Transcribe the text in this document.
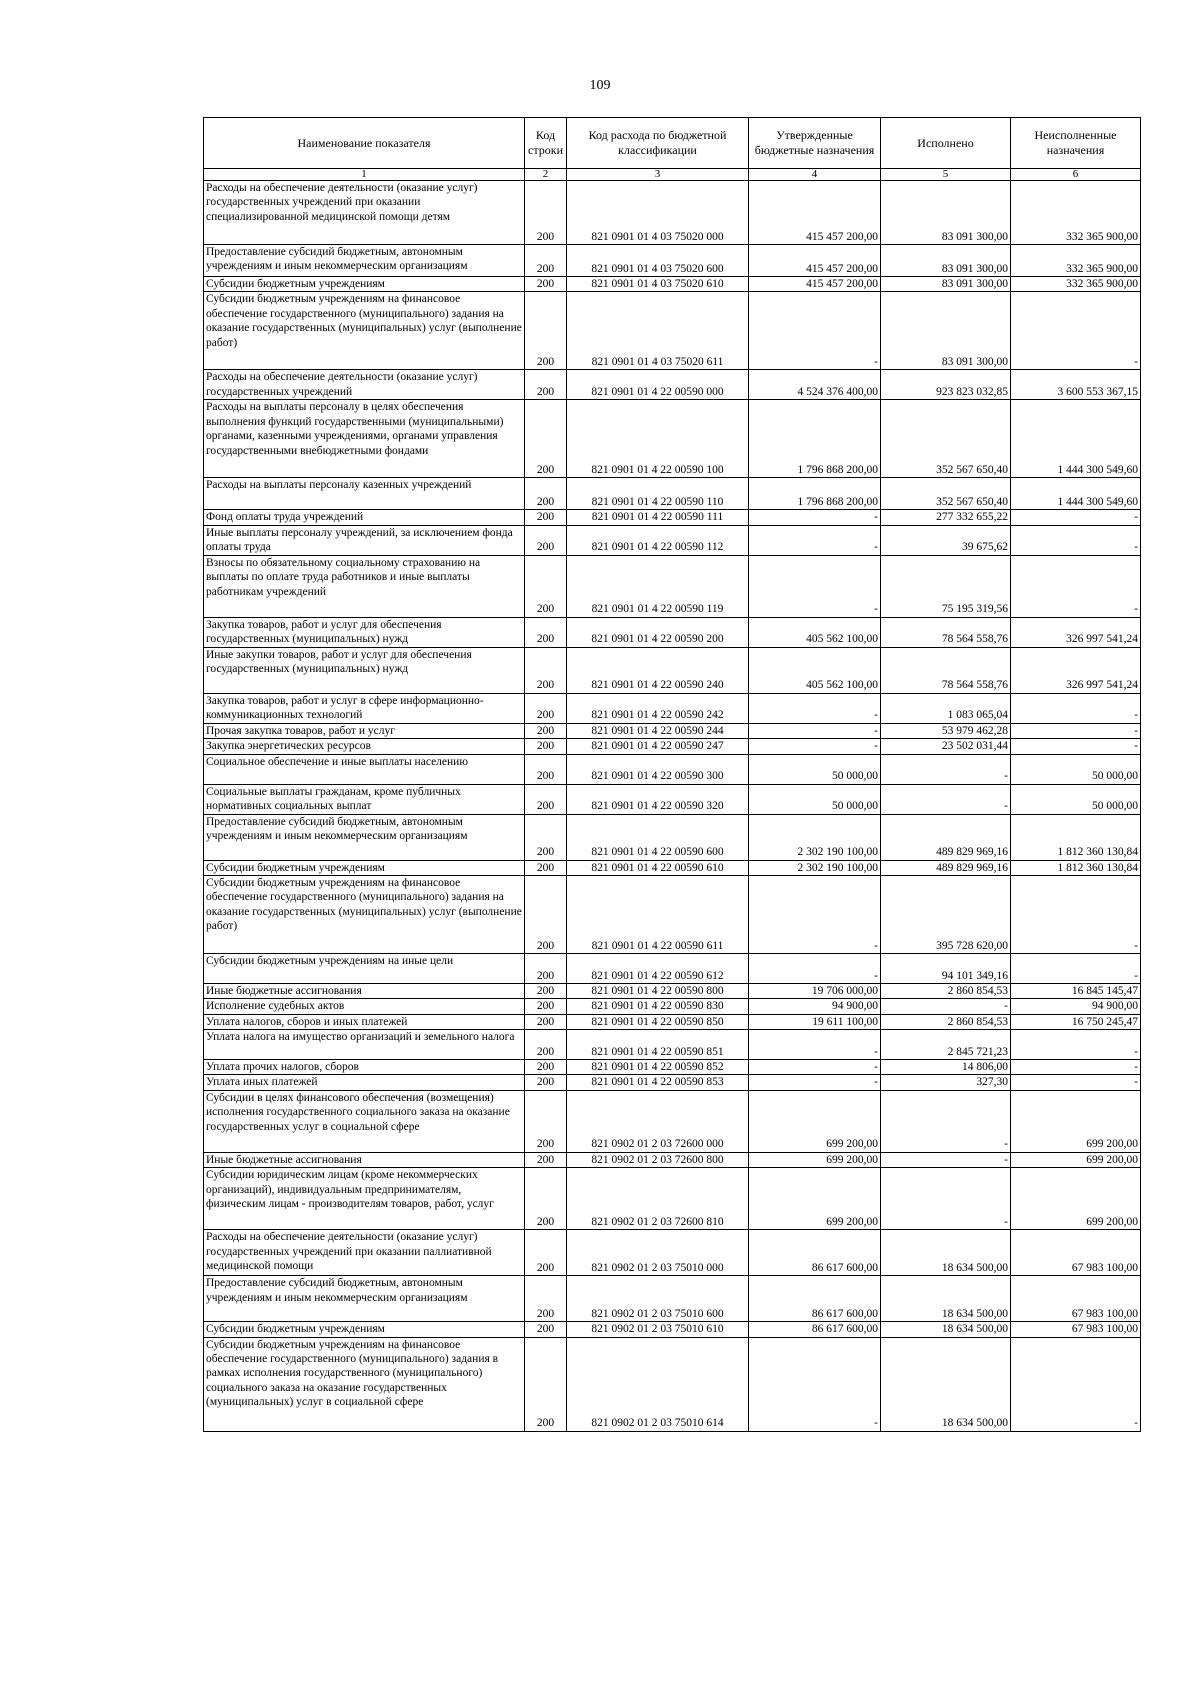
109
Наименование показателя	Код строки	Код расхода по бюджетной классификации	Утвержденные бюджетные назначения	Исполнено	Неисполненные назначения
1	2	3	4	5	6
Расходы на обеспечение деятельности (оказание услуг) государственных учреждений при оказании специализированной медицинской помощи детям	200	821 0901 01 4 03 75020 000	415 457 200,00	83 091 300,00	332 365 900,00
Предоставление субсидий бюджетным, автономным учреждениям и иным некоммерческим организациям	200	821 0901 01 4 03 75020 600	415 457 200,00	83 091 300,00	332 365 900,00
Субсидии бюджетным учреждениям	200	821 0901 01 4 03 75020 610	415 457 200,00	83 091 300,00	332 365 900,00
Субсидии бюджетным учреждениям на финансовое обеспечение государственного (муниципального) задания на оказание государственных (муниципальных) услуг (выполнение работ)	200	821 0901 01 4 03 75020 611	-	83 091 300,00	-
Расходы на обеспечение деятельности (оказание услуг) государственных учреждений	200	821 0901 01 4 22 00590 000	4 524 376 400,00	923 823 032,85	3 600 553 367,15
Расходы на выплаты персоналу в целях обеспечения выполнения функций государственными (муниципальными) органами, казенными учреждениями, органами управления государственными внебюджетными фондами	200	821 0901 01 4 22 00590 100	1 796 868 200,00	352 567 650,40	1 444 300 549,60
Расходы на выплаты персоналу казенных учреждений	200	821 0901 01 4 22 00590 110	1 796 868 200,00	352 567 650,40	1 444 300 549,60
Фонд оплаты труда учреждений	200	821 0901 01 4 22 00590 111	-	277 332 655,22	-
Иные выплаты персоналу учреждений, за исключением фонда оплаты труда	200	821 0901 01 4 22 00590 112	-	39 675,62	-
Взносы по обязательному социальному страхованию на выплаты по оплате труда работников и иные выплаты работникам учреждений	200	821 0901 01 4 22 00590 119	-	75 195 319,56	-
Закупка товаров, работ и услуг для обеспечения государственных (муниципальных) нужд	200	821 0901 01 4 22 00590 200	405 562 100,00	78 564 558,76	326 997 541,24
Иные закупки товаров, работ и услуг для обеспечения государственных (муниципальных) нужд	200	821 0901 01 4 22 00590 240	405 562 100,00	78 564 558,76	326 997 541,24
Закупка товаров, работ и услуг в сфере информационно-коммуникационных технологий	200	821 0901 01 4 22 00590 242	-	1 083 065,04	-
Прочая закупка товаров, работ и услуг	200	821 0901 01 4 22 00590 244	-	53 979 462,28	-
Закупка энергетических ресурсов	200	821 0901 01 4 22 00590 247	-	23 502 031,44	-
Социальное обеспечение и иные выплаты населению	200	821 0901 01 4 22 00590 300	50 000,00	-	50 000,00
Социальные выплаты гражданам, кроме публичных нормативных социальных выплат	200	821 0901 01 4 22 00590 320	50 000,00	-	50 000,00
Предоставление субсидий бюджетным, автономным учреждениям и иным некоммерческим организациям	200	821 0901 01 4 22 00590 600	2 302 190 100,00	489 829 969,16	1 812 360 130,84
Субсидии бюджетным учреждениям	200	821 0901 01 4 22 00590 610	2 302 190 100,00	489 829 969,16	1 812 360 130,84
Субсидии бюджетным учреждениям на финансовое обеспечение государственного (муниципального) задания на оказание государственных (муниципальных) услуг (выполнение работ)	200	821 0901 01 4 22 00590 611	-	395 728 620,00	-
Субсидии бюджетным учреждениям на иные цели	200	821 0901 01 4 22 00590 612	-	94 101 349,16	-
Иные бюджетные ассигнования	200	821 0901 01 4 22 00590 800	19 706 000,00	2 860 854,53	16 845 145,47
Исполнение судебных актов	200	821 0901 01 4 22 00590 830	94 900,00	-	94 900,00
Уплата налогов, сборов и иных платежей	200	821 0901 01 4 22 00590 850	19 611 100,00	2 860 854,53	16 750 245,47
Уплата налога на имущество организаций и земельного налога	200	821 0901 01 4 22 00590 851	-	2 845 721,23	-
Уплата прочих налогов, сборов	200	821 0901 01 4 22 00590 852	-	14 806,00	-
Уплата иных платежей	200	821 0901 01 4 22 00590 853	-	327,30	-
Субсидии в целях финансового обеспечения (возмещения) исполнения государственного социального заказа на оказание государственных услуг в социальной сфере	200	821 0902 01 2 03 72600 000	699 200,00	-	699 200,00
Иные бюджетные ассигнования	200	821 0902 01 2 03 72600 800	699 200,00	-	699 200,00
Субсидии юридическим лицам (кроме некоммерческих организаций), индивидуальным предпринимателям, физическим лицам - производителям товаров, работ, услуг	200	821 0902 01 2 03 72600 810	699 200,00	-	699 200,00
Расходы на обеспечение деятельности (оказание услуг) государственных учреждений при оказании паллиативной медицинской помощи	200	821 0902 01 2 03 75010 000	86 617 600,00	18 634 500,00	67 983 100,00
Предоставление субсидий бюджетным, автономным учреждениям и иным некоммерческим организациям	200	821 0902 01 2 03 75010 600	86 617 600,00	18 634 500,00	67 983 100,00
Субсидии бюджетным учреждениям	200	821 0902 01 2 03 75010 610	86 617 600,00	18 634 500,00	67 983 100,00
Субсидии бюджетным учреждениям на финансовое обеспечение государственного (муниципального) задания в рамках исполнения государственного (муниципального) социального заказа на оказание государственных (муниципальных) услуг в социальной сфере	200	821 0902 01 2 03 75010 614	-	18 634 500,00	-
